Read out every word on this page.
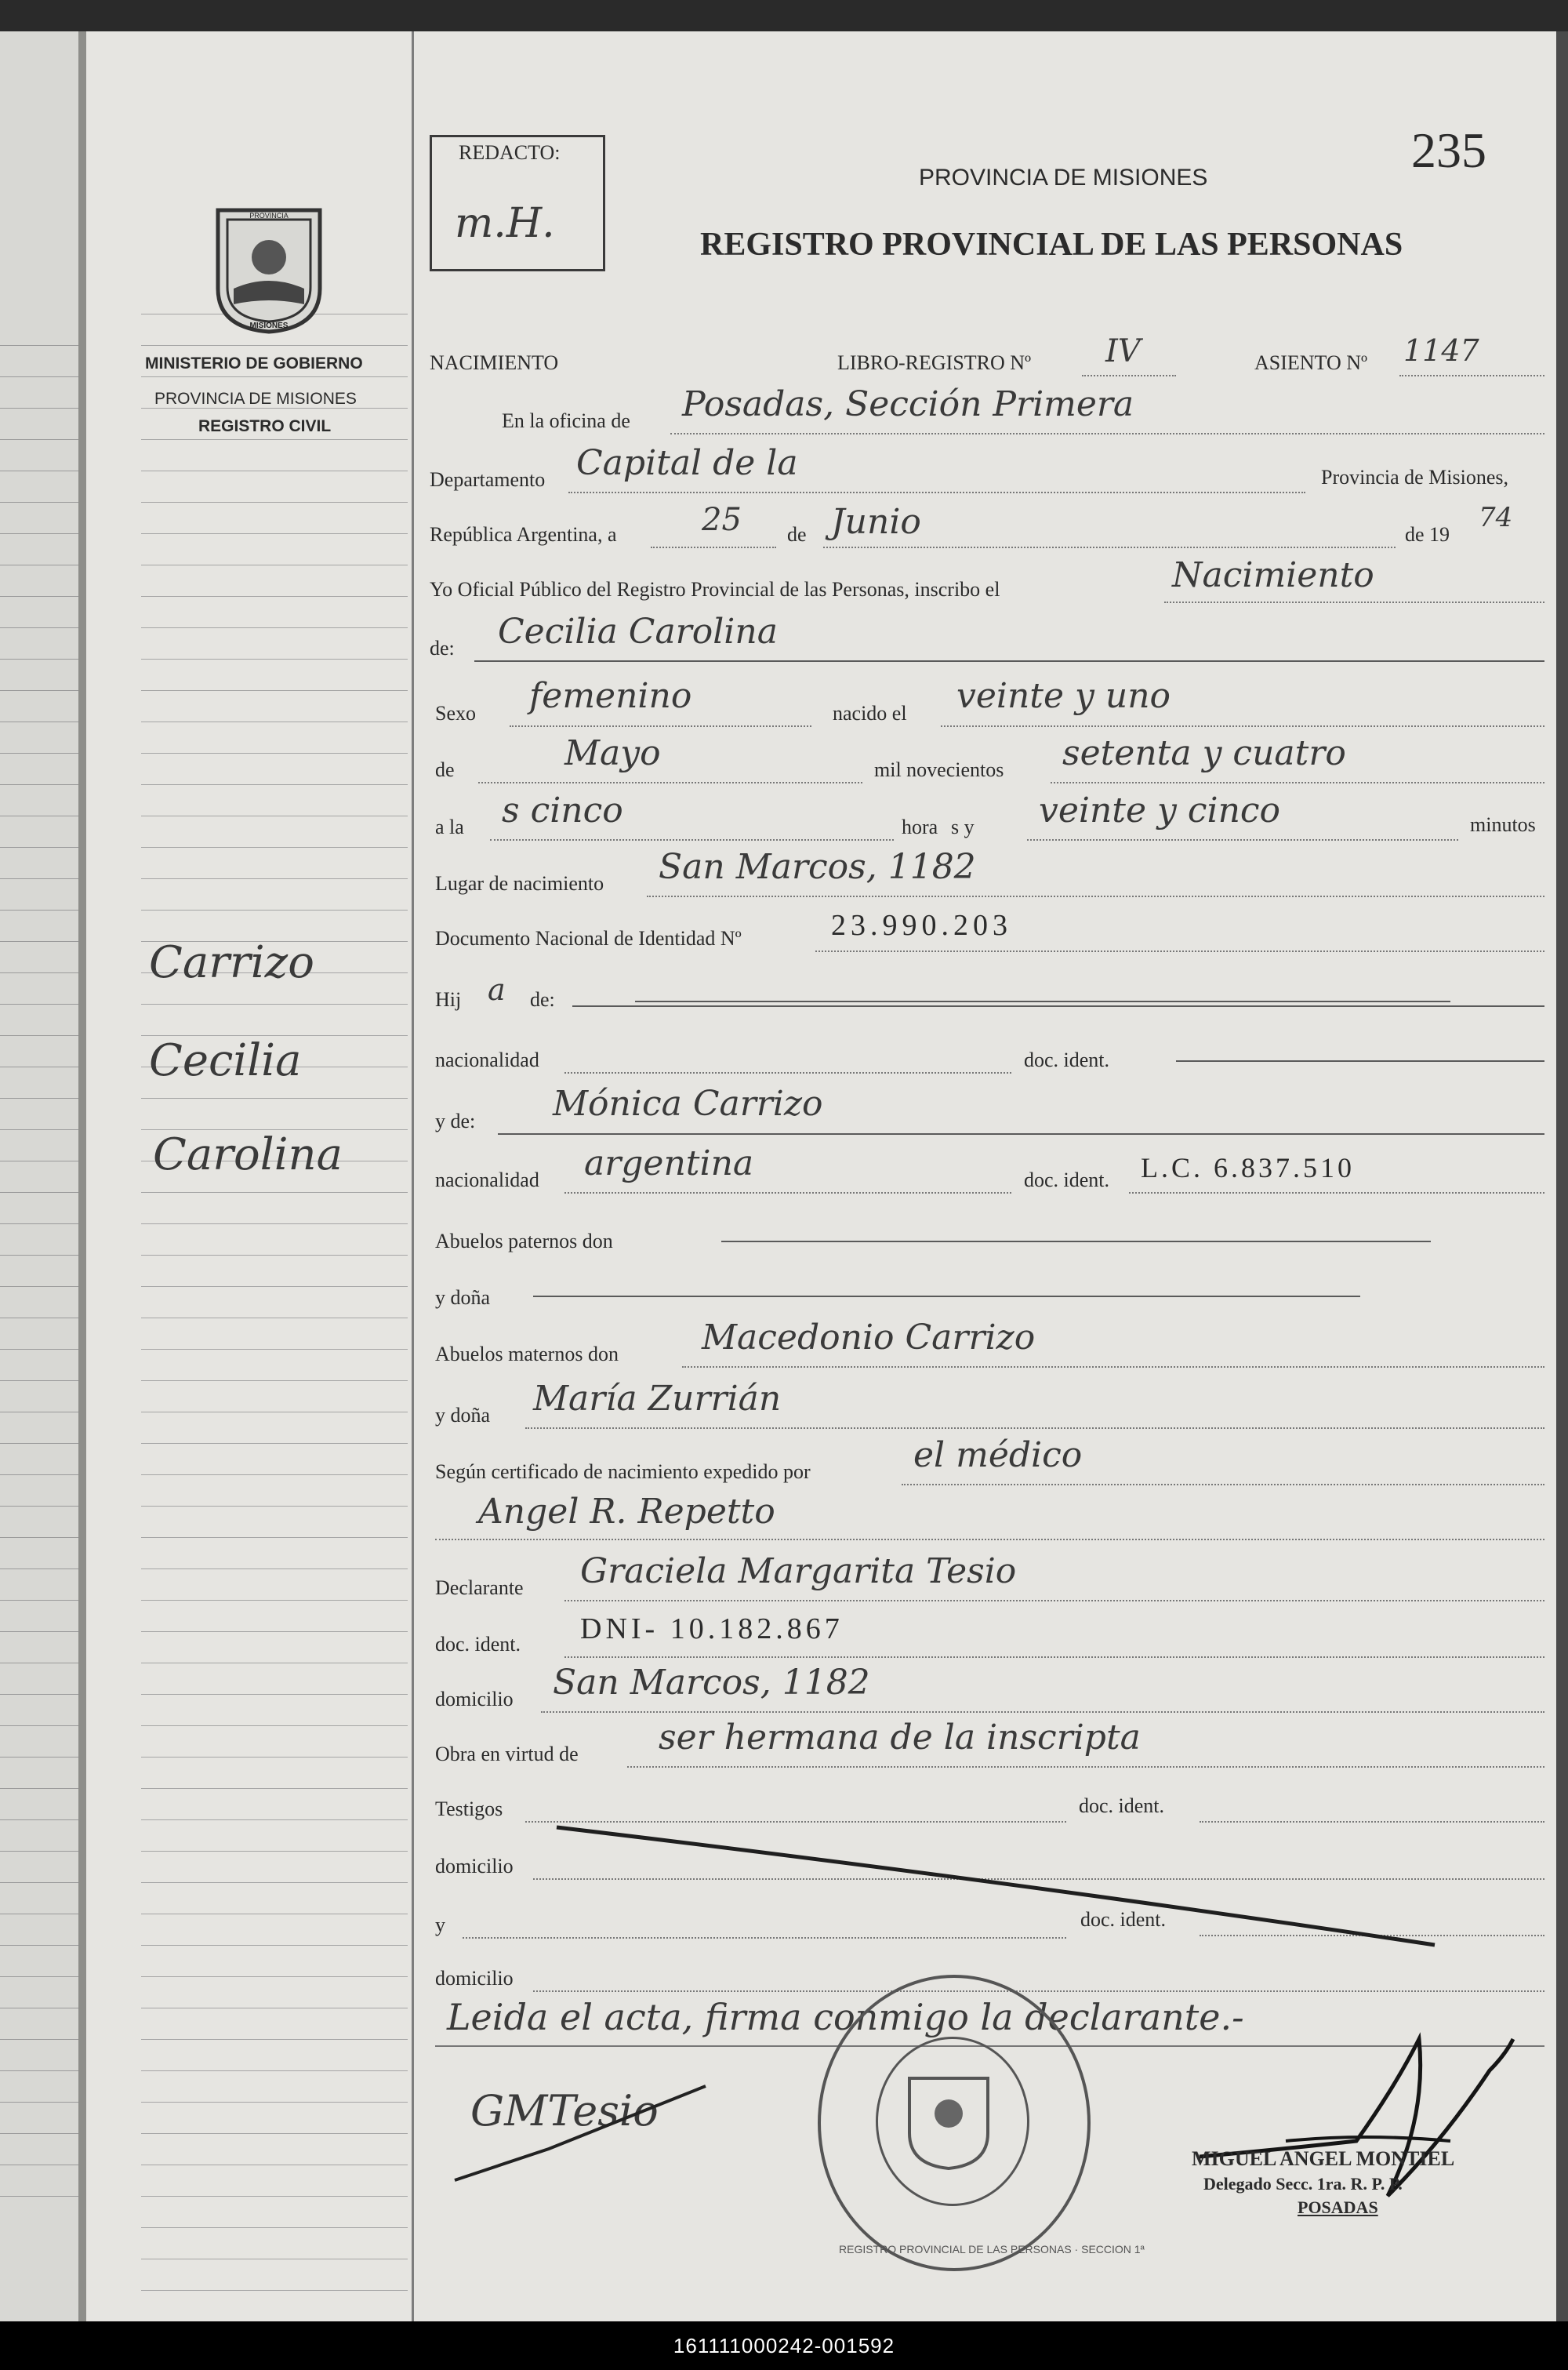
PROVINCIA
MISIONES
MINISTERIO DE GOBIERNO
PROVINCIA DE MISIONES
REGISTRO CIVIL
Carrizo
Cecilia
Carolina
REDACTO:
m.H.
235
PROVINCIA DE MISIONES
REGISTRO PROVINCIAL DE LAS PERSONAS
NACIMIENTO	LIBRO-REGISTRO Nº IV	ASIENTO Nº 1147
En la oficina de Posadas, Sección Primera
Departamento Capital de la	Provincia de Misiones,
República Argentina, a	25 de Junio	de 19
74
Yo Oficial Público del Registro Provincial de las Personas, inscribo el	Nacimiento
de: Cecilia Carolina
Sexo femenino	nacido el veinte y uno
de	Mayo	mil novecientos setenta y cuatro
a la s cinco	hora s y veinte y cinco	minutos
Lugar de nacimiento San Marcos, 1182
Documento Nacional de Identidad Nº	23.990.203
Hij a de:
nacionalidad	doc. ident.
y de: Mónica Carrizo
nacionalidad argentina	doc. ident. L.C. 6.837.510
Abuelos paternos don
y doña
Abuelos maternos don Macedonio Carrizo
y doña María Zurrián
Según certificado de nacimiento expedido por	el médico
Angel R. Repetto
Declarante Graciela Margarita Tesio
doc. ident. DNI- 10.182.867
domicilio San Marcos, 1182
Obra en virtud de ser hermana de la inscripta
Testigos	doc. ident.
domicilio
y	doc. ident.
domicilio
Leida el acta, firma conmigo la declarante.-
GMTesio
REGISTRO PROVINCIAL DE LAS PERSONAS · SECCION 1ª
MIGUEL ANGEL MONTIEL
Delegado Secc. 1ra. R. P. P.
POSADAS
161111000242-001592
